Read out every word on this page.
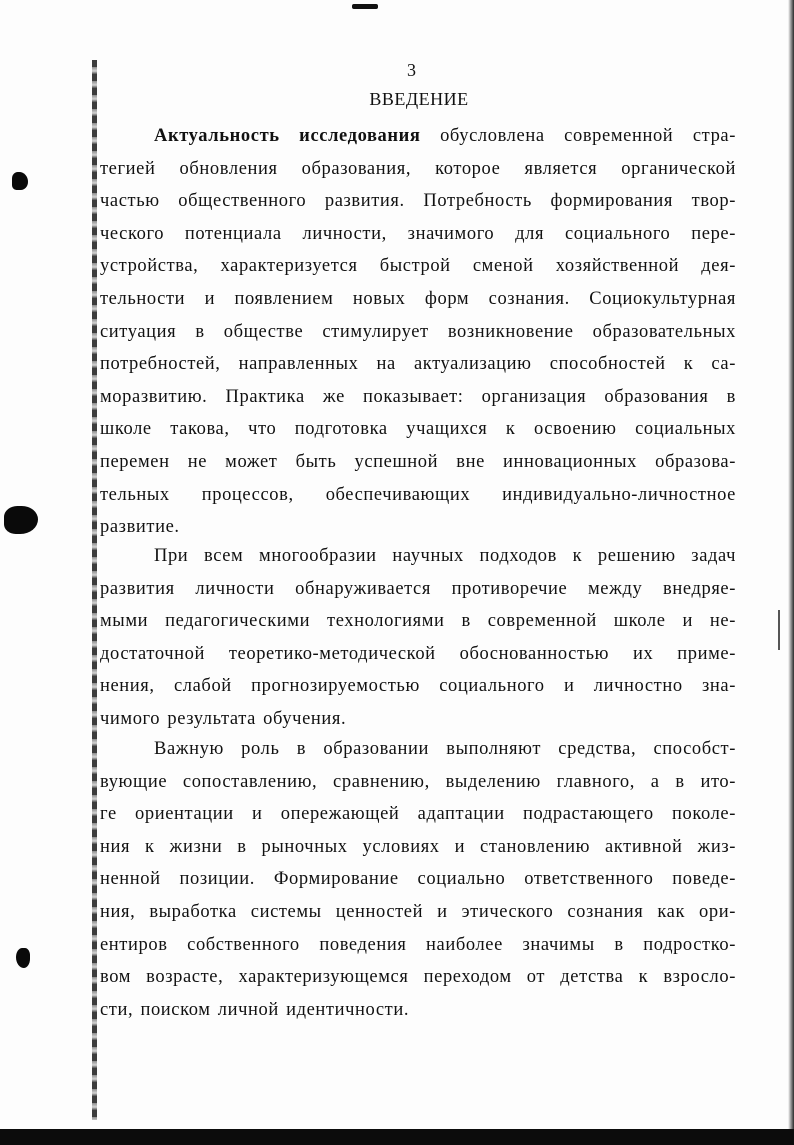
3
ВВЕДЕНИЕ
Актуальность исследования обусловлена современной стра-
тегией обновления образования, которое является органической
частью общественного развития. Потребность формирования твор-
ческого потенциала личности, значимого для социального пере-
устройства, характеризуется быстрой сменой хозяйственной дея-
тельности и появлением новых форм сознания. Социокультурная
ситуация в обществе стимулирует возникновение образовательных
потребностей, направленных на актуализацию способностей к са-
моразвитию. Практика же показывает: организация образования в
школе такова, что подготовка учащихся к освоению социальных
перемен не может быть успешной вне инновационных образова-
тельных процессов, обеспечивающих индивидуально-личностное
развитие.
При всем многообразии научных подходов к решению задач
развития личности обнаруживается противоречие между внедряе-
мыми педагогическими технологиями в современной школе и не-
достаточной теоретико-методической обоснованностью их приме-
нения, слабой прогнозируемостью социального и личностно зна-
чимого результата обучения.
Важную роль в образовании выполняют средства, способст-
вующие сопоставлению, сравнению, выделению главного, а в ито-
ге ориентации и опережающей адаптации подрастающего поколе-
ния к жизни в рыночных условиях и становлению активной жиз-
ненной позиции. Формирование социально ответственного поведе-
ния, выработка системы ценностей и этического сознания как ори-
ентиров собственного поведения наиболее значимы в подростко-
вом возрасте, характеризующемся переходом от детства к взросло-
сти, поиском личной идентичности.
